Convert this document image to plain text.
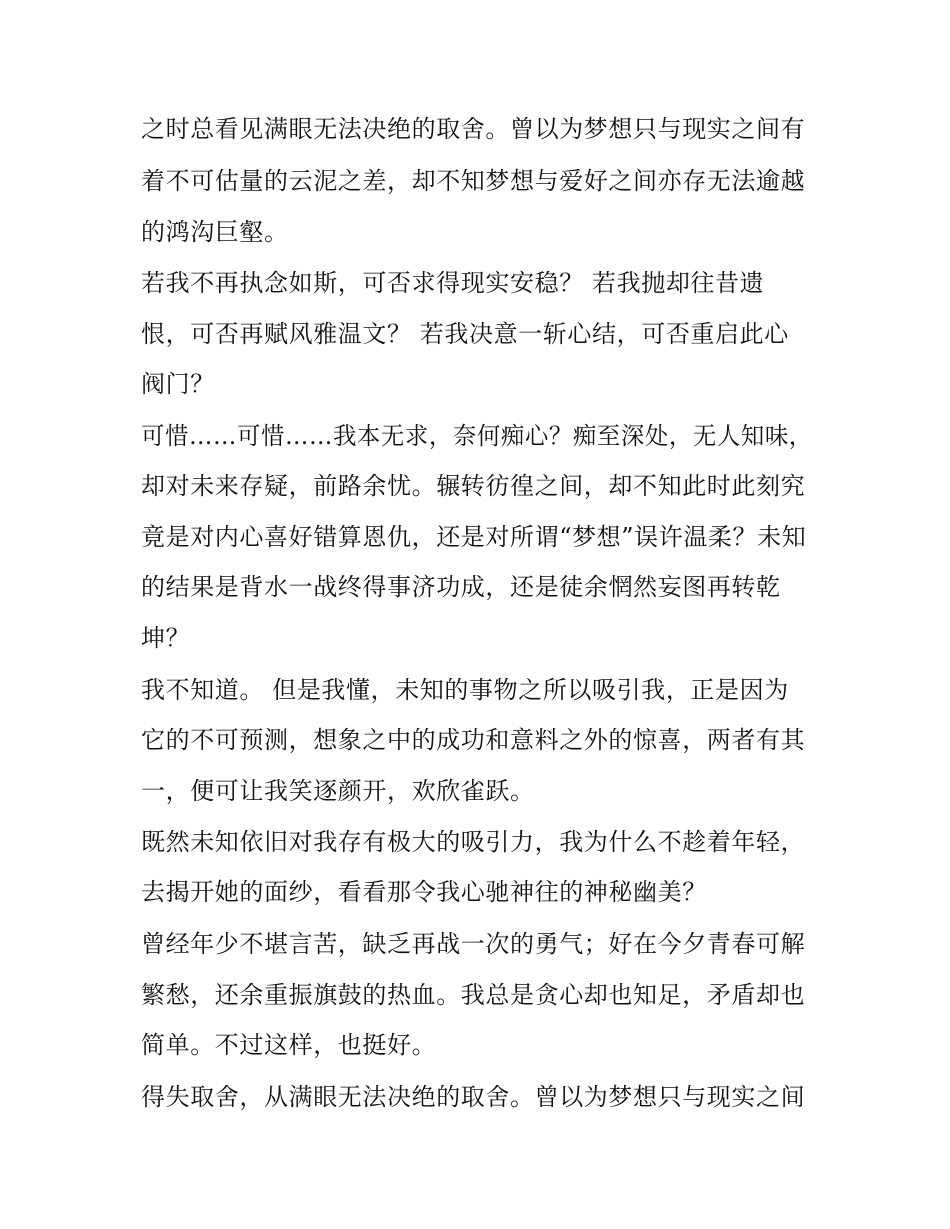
之时总看见满眼无法决绝的取舍。曾以为梦想只与现实之间有
着不可估量的云泥之差，却不知梦想与爱好之间亦存无法逾越
的鸿沟巨壑。
若我不再执念如斯，可否求得现实安稳？ 若我抛却往昔遗
恨，可否再赋风雅温文？ 若我决意一斩心结，可否重启此心
阀门？
可惜……可惜……我本无求，奈何痴心？痴至深处，无人知味，
却对未来存疑，前路余忧。辗转彷徨之间，却不知此时此刻究
竟是对内心喜好错算恩仇，还是对所谓“梦想”误许温柔？未知
的结果是背水一战终得事济功成，还是徒余惘然妄图再转乾
坤？
我不知道。 但是我懂，未知的事物之所以吸引我，正是因为
它的不可预测，想象之中的成功和意料之外的惊喜，两者有其
一，便可让我笑逐颜开，欢欣雀跃。
既然未知依旧对我存有极大的吸引力，我为什么不趁着年轻，
去揭开她的面纱，看看那令我心驰神往的神秘幽美？
曾经年少不堪言苦，缺乏再战一次的勇气；好在今夕青春可解
繁愁，还余重振旗鼓的热血。我总是贪心却也知足，矛盾却也
简单。不过这样，也挺好。
得失取舍，从满眼无法决绝的取舍。曾以为梦想只与现实之间
